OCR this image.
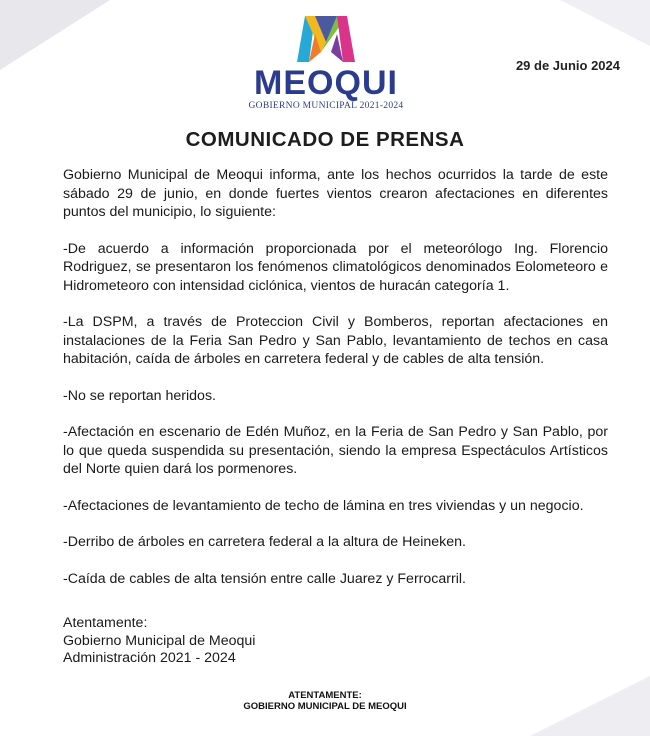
MEOQUI
GOBIERNO MUNICIPAL 2021-2024
29 de Junio 2024
COMUNICADO DE PRENSA

Gobierno Municipal de Meoqui informa, ante los hechos ocurridos la tarde de este sábado 29 de junio, en donde fuertes vientos crearon afectaciones en diferentes puntos del municipio, lo siguiente:

-De acuerdo a información proporcionada por el meteorólogo Ing. Florencio Rodriguez, se presentaron los fenómenos climatológicos denominados Eolometeoro e Hidrometeoro con intensidad ciclónica, vientos de huracán categoría 1.

-La DSPM, a través de Proteccion Civil y Bomberos, reportan afectaciones en instalaciones de la Feria San Pedro y San Pablo, levantamiento de techos en casa habitación, caída de árboles en carretera federal y de cables de alta tensión.

-No se reportan heridos.

-Afectación en escenario de Edén Muñoz, en la Feria de San Pedro y San Pablo, por lo que queda suspendida su presentación, siendo la empresa Espectáculos Artísticos del Norte quien dará los pormenores.

-Afectaciones de levantamiento de techo de lámina en tres viviendas y un negocio.

-Derribo de árboles en carretera federal a la altura de Heineken.

-Caída de cables de alta tensión entre calle Juarez y Ferrocarril.

Atentamente:
Gobierno Municipal de Meoqui
Administración 2021 - 2024
ATENTAMENTE:
GOBIERNO MUNICIPAL DE MEOQUI
